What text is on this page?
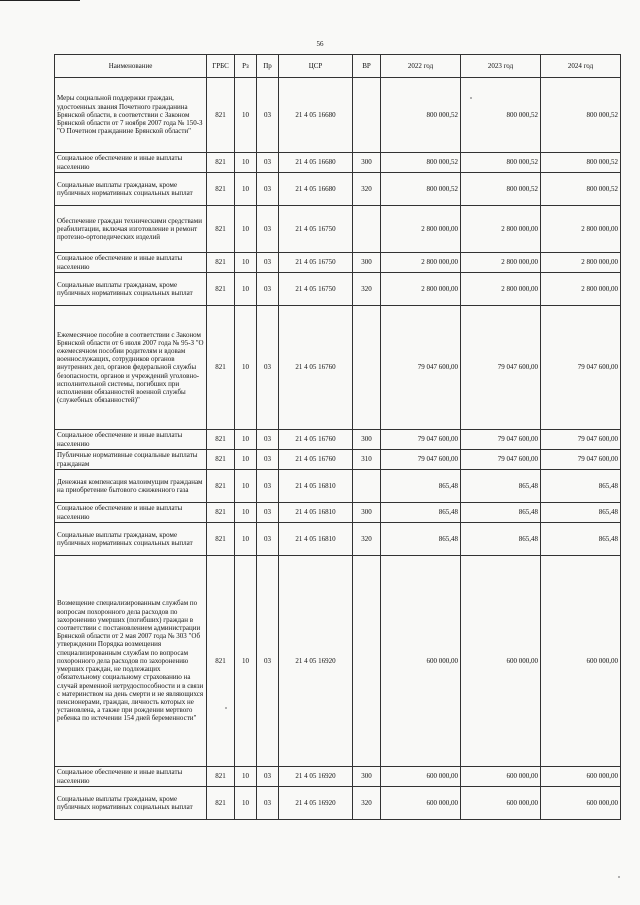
56
Наименование	ГРБС	Рз	Пр	ЦСР	ВР	2022 год	2023 год	2024 год
Меры социальной поддержки граждан, удостоенных звания Почетного гражданина Брянской области, в соответствии с Законом Брянской области от 7 ноября 2007 года № 150-З "О Почетном гражданине Брянской области"	821	10	03	21 4 05 16680		800 000,52	800 000,52	800 000,52
Социальное обеспечение и иные выплаты населению	821	10	03	21 4 05 16680	300	800 000,52	800 000,52	800 000,52
Социальные выплаты гражданам, кроме публичных нормативных социальных выплат	821	10	03	21 4 05 16680	320	800 000,52	800 000,52	800 000,52
Обеспечение граждан техническими средствами реабилитации, включая изготовление и ремонт протезно-ортопедических изделий	821	10	03	21 4 05 16750		2 800 000,00	2 800 000,00	2 800 000,00
Социальное обеспечение и иные выплаты населению	821	10	03	21 4 05 16750	300	2 800 000,00	2 800 000,00	2 800 000,00
Социальные выплаты гражданам, кроме публичных нормативных социальных выплат	821	10	03	21 4 05 16750	320	2 800 000,00	2 800 000,00	2 800 000,00
Ежемесячное пособие в соответствии с Законом Брянской области от 6 июля 2007 года № 95-З "О ежемесячном пособии родителям и вдовам военнослужащих, сотрудников органов внутренних дел, органов федеральной службы безопасности, органов и учреждений уголовно-исполнительной системы, погибших при исполнении обязанностей военной службы (служебных обязанностей)"	821	10	03	21 4 05 16760		79 047 600,00	79 047 600,00	79 047 600,00
Социальное обеспечение и иные выплаты населению	821	10	03	21 4 05 16760	300	79 047 600,00	79 047 600,00	79 047 600,00
Публичные нормативные социальные выплаты гражданам	821	10	03	21 4 05 16760	310	79 047 600,00	79 047 600,00	79 047 600,00
Денежная компенсация малоимущим гражданам на приобретение бытового сжиженного газа	821	10	03	21 4 05 16810		865,48	865,48	865,48
Социальное обеспечение и иные выплаты населению	821	10	03	21 4 05 16810	300	865,48	865,48	865,48
Социальные выплаты гражданам, кроме публичных нормативных социальных выплат	821	10	03	21 4 05 16810	320	865,48	865,48	865,48
Возмещение специализированным службам по вопросам похоронного дела расходов по захоронению умерших (погибших) граждан в соответствии с постановлением администрации Брянской области от 2 мая 2007 года № 303 "Об утверждении Порядка возмещения специализированным службам по вопросам похоронного дела расходов по захоронению умерших граждан, не подлежащих обязательному социальному страхованию на случай временной нетрудоспособности и в связи с материнством на день смерти и не являющихся пенсионерами, граждан, личность которых не установлена, а также при рождении мертвого ребенка по истечении 154 дней беременности"	821	10	03	21 4 05 16920		600 000,00	600 000,00	600 000,00
Социальное обеспечение и иные выплаты населению	821	10	03	21 4 05 16920	300	600 000,00	600 000,00	600 000,00
Социальные выплаты гражданам, кроме публичных нормативных социальных выплат	821	10	03	21 4 05 16920	320	600 000,00	600 000,00	600 000,00
